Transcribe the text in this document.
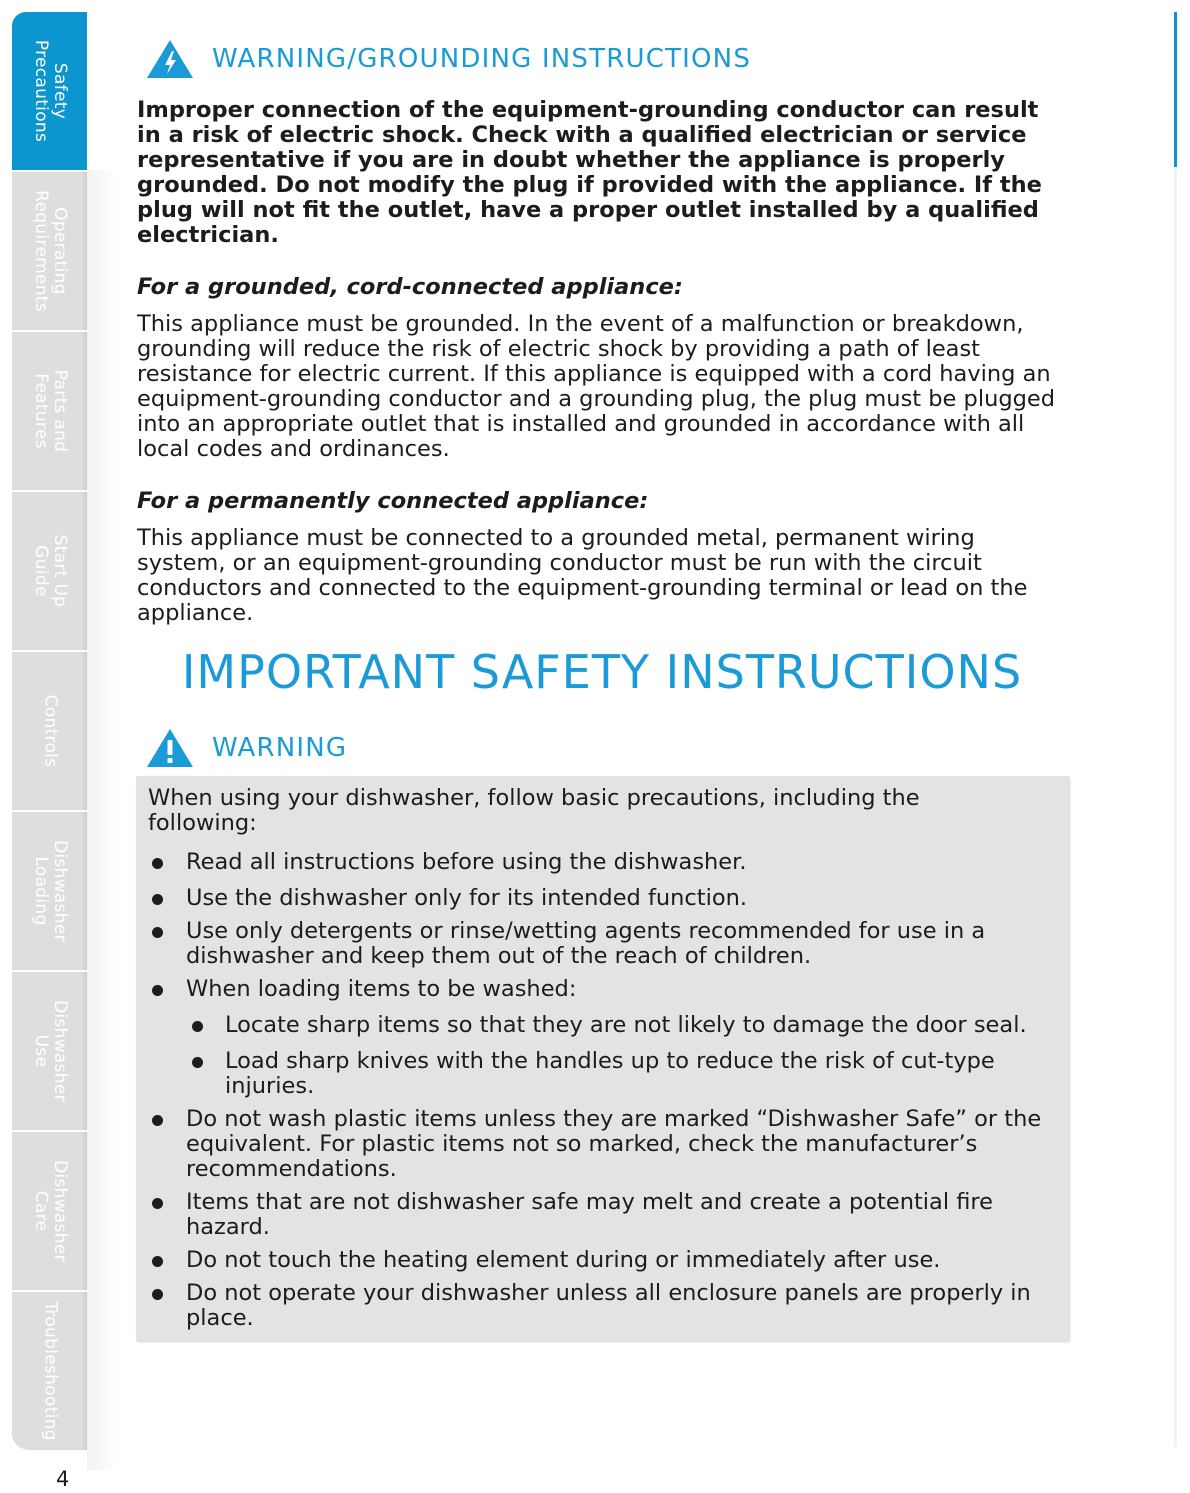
Safety
Precautions
Operating
Requirements
Parts and
Features
Start Up
Guide
Controls
Dishwasher
Loading
Dishwasher
Use
Dishwasher
Care
Troubleshooting
WARNING/GROUNDING INSTRUCTIONS

Improper connection of the equipment-grounding conductor can result in a risk of electric shock. Check with a qualified electrician or service representative if you are in doubt whether the appliance is properly grounded. Do not modify the plug if provided with the appliance. If the plug will not fit the outlet, have a proper outlet installed by a qualified electrician.

For a grounded, cord-connected appliance:

This appliance must be grounded. In the event of a malfunction or breakdown, grounding will reduce the risk of electric shock by providing a path of least resistance for electric current. If this appliance is equipped with a cord having an equipment-grounding conductor and a grounding plug, the plug must be plugged into an appropriate outlet that is installed and grounded in accordance with all local codes and ordinances.

For a permanently connected appliance:

This appliance must be connected to a grounded metal, permanent wiring system, or an equipment-grounding conductor must be run with the circuit conductors and connected to the equipment-grounding terminal or lead on the appliance.

IMPORTANT SAFETY INSTRUCTIONS
WARNING

When using your dishwasher, follow basic precautions, including the following:

Read all instructions before using the dishwasher.
Use the dishwasher only for its intended function.
Use only detergents or rinse/wetting agents recommended for use in a dishwasher and keep them out of the reach of children.
When loading items to be washed:
Locate sharp items so that they are not likely to damage the door seal.
Load sharp knives with the handles up to reduce the risk of cut-type injuries.
Do not wash plastic items unless they are marked “Dishwasher Safe” or the equivalent. For plastic items not so marked, check the manufacturer’s recommendations.
Items that are not dishwasher safe may melt and create a potential fire hazard.
Do not touch the heating element during or immediately after use.
Do not operate your dishwasher unless all enclosure panels are properly in place.
4
